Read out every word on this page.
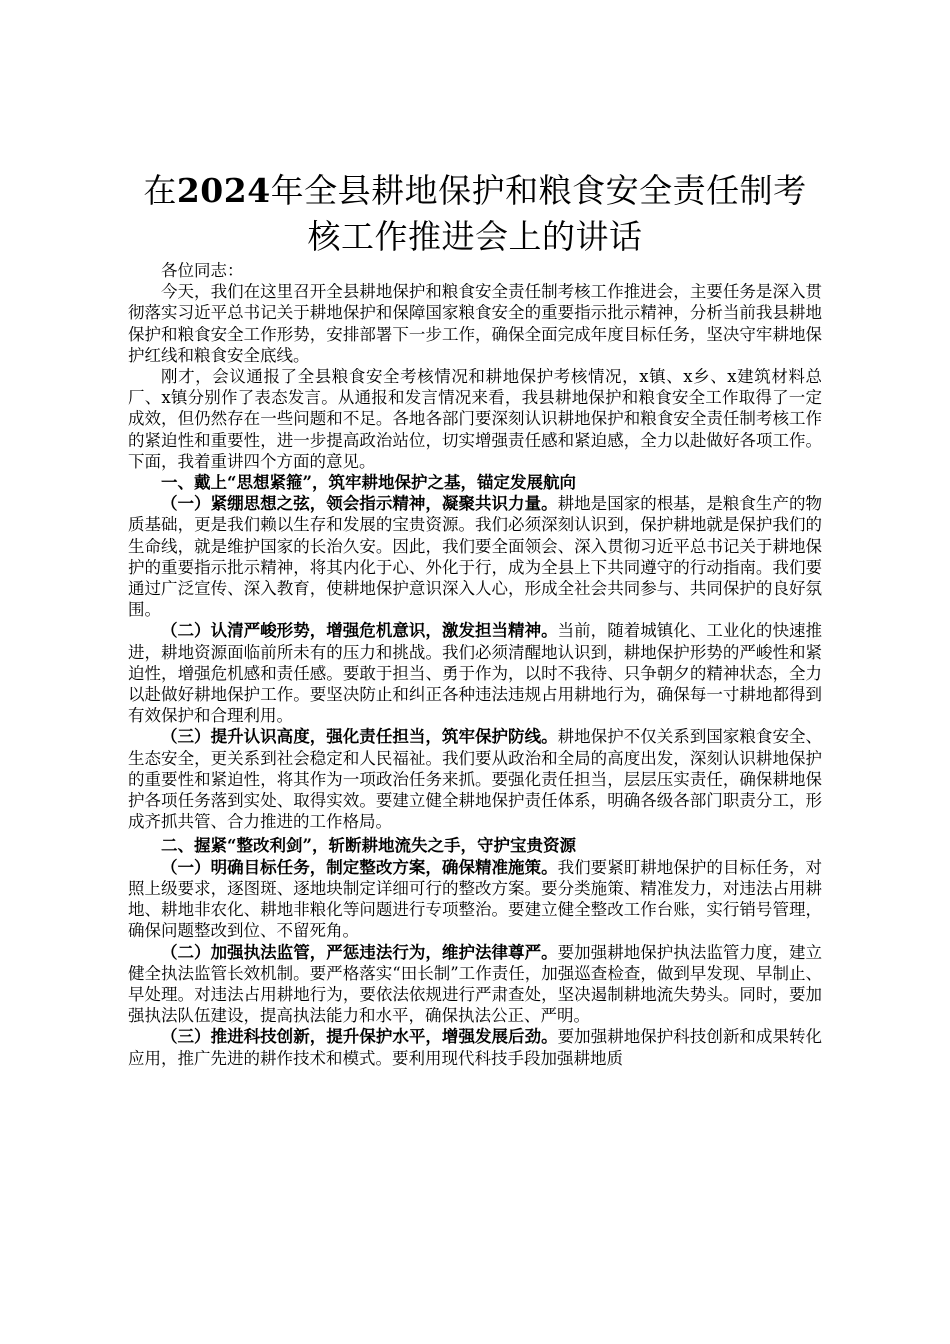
在2024年全县耕地保护和粮食安全责任制考核工作推进会上的讲话

各位同志：

今天，我们在这里召开全县耕地保护和粮食安全责任制考核工作推进会，主要任务是深入贯彻落实习近平总书记关于耕地保护和保障国家粮食安全的重要指示批示精神，分析当前我县耕地保护和粮食安全工作形势，安排部署下一步工作，确保全面完成年度目标任务，坚决守牢耕地保护红线和粮食安全底线。

刚才，会议通报了全县粮食安全考核情况和耕地保护考核情况，x镇、x乡、x建筑材料总厂、x镇分别作了表态发言。从通报和发言情况来看，我县耕地保护和粮食安全工作取得了一定成效，但仍然存在一些问题和不足。各地各部门要深刻认识耕地保护和粮食安全责任制考核工作的紧迫性和重要性，进一步提高政治站位，切实增强责任感和紧迫感，全力以赴做好各项工作。下面，我着重讲四个方面的意见。

一、戴上“思想紧箍”，筑牢耕地保护之基，锚定发展航向

（一）紧绷思想之弦，领会指示精神，凝聚共识力量。耕地是国家的根基，是粮食生产的物质基础，更是我们赖以生存和发展的宝贵资源。我们必须深刻认识到，保护耕地就是保护我们的生命线，就是维护国家的长治久安。因此，我们要全面领会、深入贯彻习近平总书记关于耕地保护的重要指示批示精神，将其内化于心、外化于行，成为全县上下共同遵守的行动指南。我们要通过广泛宣传、深入教育，使耕地保护意识深入人心，形成全社会共同参与、共同保护的良好氛围。

（二）认清严峻形势，增强危机意识，激发担当精神。当前，随着城镇化、工业化的快速推进，耕地资源面临前所未有的压力和挑战。我们必须清醒地认识到，耕地保护形势的严峻性和紧迫性，增强危机感和责任感。要敢于担当、勇于作为，以时不我待、只争朝夕的精神状态，全力以赴做好耕地保护工作。要坚决防止和纠正各种违法违规占用耕地行为，确保每一寸耕地都得到有效保护和合理利用。

（三）提升认识高度，强化责任担当，筑牢保护防线。耕地保护不仅关系到国家粮食安全、生态安全，更关系到社会稳定和人民福祉。我们要从政治和全局的高度出发，深刻认识耕地保护的重要性和紧迫性，将其作为一项政治任务来抓。要强化责任担当，层层压实责任，确保耕地保护各项任务落到实处、取得实效。要建立健全耕地保护责任体系，明确各级各部门职责分工，形成齐抓共管、合力推进的工作格局。

二、握紧“整改利剑”，斩断耕地流失之手，守护宝贵资源

（一）明确目标任务，制定整改方案，确保精准施策。我们要紧盯耕地保护的目标任务，对照上级要求，逐图斑、逐地块制定详细可行的整改方案。要分类施策、精准发力，对违法占用耕地、耕地非农化、耕地非粮化等问题进行专项整治。要建立健全整改工作台账，实行销号管理，确保问题整改到位、不留死角。

（二）加强执法监管，严惩违法行为，维护法律尊严。要加强耕地保护执法监管力度，建立健全执法监管长效机制。要严格落实“田长制”工作责任，加强巡查检查，做到早发现、早制止、早处理。对违法占用耕地行为，要依法依规进行严肃查处，坚决遏制耕地流失势头。同时，要加强执法队伍建设，提高执法能力和水平，确保执法公正、严明。

（三）推进科技创新，提升保护水平，增强发展后劲。要加强耕地保护科技创新和成果转化应用，推广先进的耕作技术和模式。要利用现代科技手段加强耕地质
